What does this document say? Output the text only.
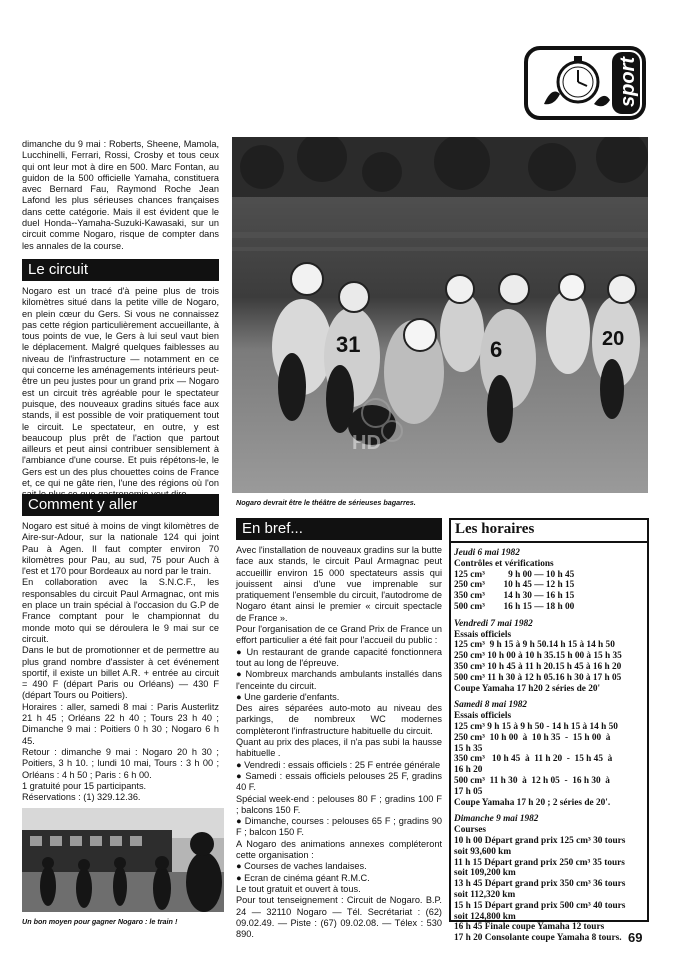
sport
dimanche du 9 mai : Roberts, Sheene, Mamola, Lucchinelli, Ferrari, Rossi, Crosby et tous ceux qui ont leur mot à dire en 500. Marc Fontan, au guidon de la 500 officielle Yamaha, constituera avec Bernard Fau, Raymond Roche Jean Lafond les plus sérieuses chances françaises dans cette catégorie. Mais il est évident que le duel Honda--Yamaha-Suzuki-Kawasaki, sur un circuit comme Nogaro, risque de compter dans les annales de la course.
Le circuit
Nogaro est un tracé d'à peine plus de trois kilomètres situé dans la petite ville de Nogaro, en plein cœur du Gers. Si vous ne connaissez pas cette région particulièrement accueillante, à tous points de vue, le Gers à lui seul vaut bien le déplacement. Malgré quelques faiblesses au niveau de l'infrastructure — notamment en ce qui concerne les aménagements intérieurs peut-être un peu justes pour un grand prix — Nogaro est un circuit très agréable pour le spectateur puisque, des nouveaux gradins situés face aux stands, il est possible de voir pratiquement tout le circuit. Le spectateur, en outre, y est beaucoup plus prêt de l'action que partout ailleurs et peut ainsi contribuer sensiblement à l'ambiance d'une course. Et puis répétons-le, le Gers est un des plus chouettes coins de France et, ce qui ne gâte rien, l'une des régions où l'on
31	6	20
HD
Nogaro devrait être le théâtre de sérieuses bagarres.
Comment y aller

Nogaro est situé à moins de vingt kilomètres de Aire-sur-Adour, sur la nationale 124 qui joint Pau à Agen. Il faut compter environ 70 kilomètres pour Pau, au sud, 75 pour Auch à l'est et 170 pour Bordeaux au nord par le train.

En collaboration avec la S.N.C.F., les responsables du circuit Paul Armagnac, ont mis en place un train spécial à l'occasion du G.P de France comptant pour le championnat du monde moto qui se déroulera le 9 mai sur ce circuit.

Dans le but de promotionner et de permettre au plus grand nombre d'assister à cet événement sportif, il existe un billet A.R. + entrée au circuit = 490 F (départ Paris ou Orléans) — 430 F (départ Tours ou Poitiers).

Horaires : aller, samedi 8 mai : Paris Austerlitz 21 h 45 ; Orléans 22 h 40 ; Tours 23 h 40 ; Dimanche 9 mai : Poitiers 0 h 30 ; Nogaro 6 h 45.

Retour : dimanche 9 mai : Nogaro 20 h 30 ; Poitiers, 3 h 10. ; lundi 10 mai, Tours : 3 h 00 ; Orléans : 4 h 50 ; Paris : 6 h 00.

1 gratuité pour 15 participants.

Réservations : (1) 329.12.36.

Un bon moyen pour gagner Nogaro : le train !
En bref...

Avec l'installation de nouveaux gradins sur la butte face aux stands, le circuit Paul Armagnac peut accueillir environ 15 000 spectateurs assis qui jouissent ainsi d'une vue imprenable sur pratiquement l'ensemble du circuit, l'autodrome de Nogaro étant ainsi le premier « circuit spectacle de France ».

Pour l'organisation de ce Grand Prix de France un effort particulier a été fait pour l'accueil du public :

● Un restaurant de grande capacité fonctionnera tout au long de l'épreuve.

● Nombreux marchands ambulants installés dans l'enceinte du circuit.

● Une garderie d'enfants.

Des aires séparées auto-moto au niveau des parkings, de nombreux WC modernes complèteront l'infrastructure habituelle du circuit.

Quant au prix des places, il n'a pas subi la hausse habituelle .

● Vendredi : essais officiels : 25 F entrée générale

● Samedi : essais officiels pelouses 25 F, gradins 40 F.

Spécial week-end : pelouses 80 F ; gradins 100 F ; balcons 150 F.

● Dimanche, courses : pelouses 65 F ; gradins 90 F ; balcon 150 F.

A Nogaro des animations annexes compléteront cette organisation :

● Courses de vaches landaises.

● Ecran de cinéma géant R.M.C.

Le tout gratuit et ouvert à tous.

Pour tout tenseignement : Circuit de Nogaro. B.P. 24 — 32110 Nogaro — Tél. Secrétariat : (62) 09.02.49. — Piste : (67) 09.02.08. — Télex : 530 890.

Les horaires
Jeudi 6 mai 1982
Contrôles et vérifications
125 cm³          9 h 00 — 10 h 45
250 cm³        10 h 45 — 12 h 15
350 cm³        14 h 30 — 16 h 15
500 cm³        16 h 15 — 18 h 00
Vendredi 7 mai 1982
Essais officiels
125 cm³  9 h 15 à 9 h 50.14 h 15 à 14 h 50
250 cm³ 10 h 00 à 10 h 35.15 h 00 à 15 h 35
350 cm³ 10 h 45 à 11 h 20.15 h 45 à 16 h 20
500 cm³ 11 h 30 à 12 h 05.16 h 30 à 17 h 05
Coupe Yamaha 17 h20 2 séries de 20'
Samedi 8 mai 1982
Essais officiels
125 cm³ 9 h 15 à 9 h 50 - 14 h 15 à 14 h 50
250 cm³  10 h 00  à  10 h 35  -  15 h 00  à
15 h 35
350 cm³   10 h 45  à  11 h 20  -  15 h 45  à
16 h 20
500 cm³  11 h 30  à  12 h 05  -  16 h 30  à
17 h 05
Coupe Yamaha 17 h 20 ; 2 séries de 20'.
Dimanche 9 mai 1982
Courses
10 h 00 Départ grand prix 125 cm³ 30 tours
soit 93,600 km
11 h 15 Départ grand prix 250 cm³ 35 tours
soit 109,200 km
13 h 45 Départ grand prix 350 cm³ 36 tours
soit 112,320 km
15 h 15 Départ grand prix 500 cm³ 40 tours
soit 124,800 km
16 h 45 Finale coupe Yamaha 12 tours
17 h 20 Consolante coupe Yamaha 8 tours. 69
